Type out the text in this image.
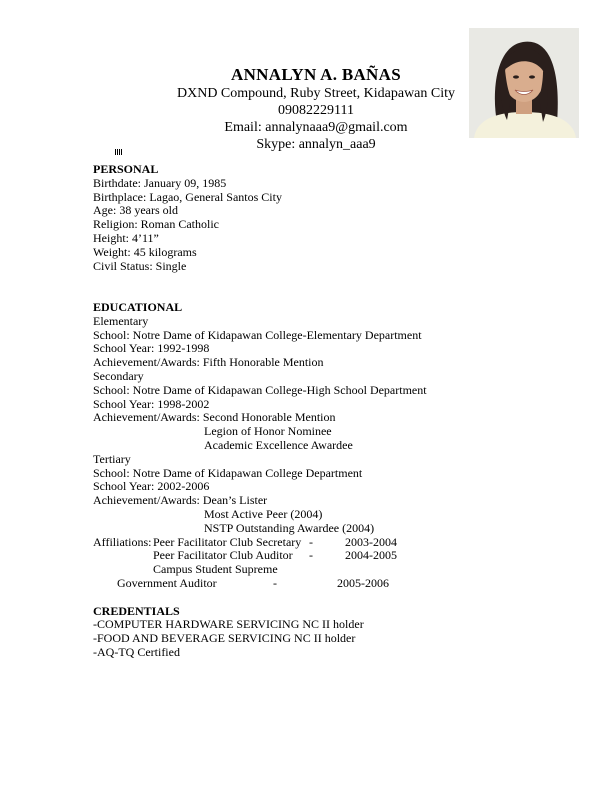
ANNALYN A. BAÑAS
DXND Compound, Ruby Street, Kidapawan City
09082229111
Email: annalynaaa9@gmail.com
Skype: annalyn_aaa9
PERSONAL
Birthdate: January 09, 1985
Birthplace: Lagao, General Santos City
Age: 38 years old
Religion: Roman Catholic
Height: 4’11”
Weight: 45 kilograms
Civil Status: Single
EDUCATIONAL
Elementary
School: Notre Dame of Kidapawan College-Elementary Department
School Year: 1992-1998
Achievement/Awards: Fifth Honorable Mention
Secondary
School: Notre Dame of Kidapawan College-High School Department
School Year: 1998-2002
Achievement/Awards: Second Honorable Mention
Legion of Honor Nominee
Academic Excellence Awardee
Tertiary
School: Notre Dame of Kidapawan College Department
School Year: 2002-2006
Achievement/Awards: Dean’s Lister
Most Active Peer (2004)
NSTP Outstanding Awardee (2004)
Affiliations: Peer Facilitator Club Secretary -	2003-2004
Peer Facilitator Club Auditor	-	2004-2005
Campus Student Supreme
Government Auditor	-	2005-2006
CREDENTIALS
-COMPUTER HARDWARE SERVICING NC II holder
-FOOD AND BEVERAGE SERVICING NC II holder
-AQ-TQ Certified
